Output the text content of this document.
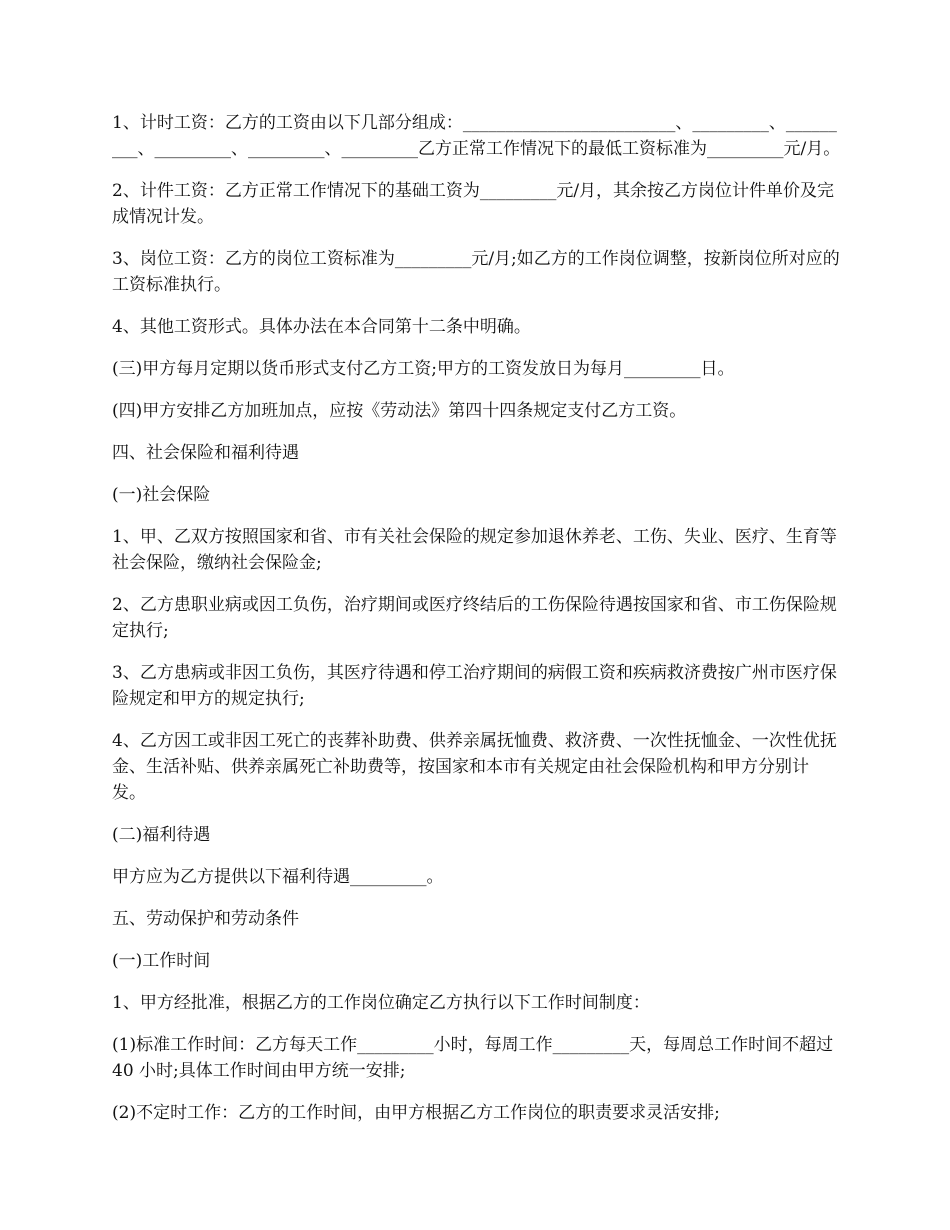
1、计时工资：乙方的工资由以下几部分组成：_________________________、_________、_________、_________、_________、_________乙方正常工作情况下的最低工资标准为_________元/月。

2、计件工资：乙方正常工作情况下的基础工资为_________元/月，其余按乙方岗位计件单价及完成情况计发。

3、岗位工资：乙方的岗位工资标准为_________元/月;如乙方的工作岗位调整，按新岗位所对应的工资标准执行。

4、其他工资形式。具体办法在本合同第十二条中明确。

(三)甲方每月定期以货币形式支付乙方工资;甲方的工资发放日为每月_________日。

(四)甲方安排乙方加班加点，应按《劳动法》第四十四条规定支付乙方工资。

四、社会保险和福利待遇

(一)社会保险

1、甲、乙双方按照国家和省、市有关社会保险的规定参加退休养老、工伤、失业、医疗、生育等社会保险，缴纳社会保险金;

2、乙方患职业病或因工负伤，治疗期间或医疗终结后的工伤保险待遇按国家和省、市工伤保险规定执行;

3、乙方患病或非因工负伤，其医疗待遇和停工治疗期间的病假工资和疾病救济费按广州市医疗保险规定和甲方的规定执行;

4、乙方因工或非因工死亡的丧葬补助费、供养亲属抚恤费、救济费、一次性抚恤金、一次性优抚金、生活补贴、供养亲属死亡补助费等，按国家和本市有关规定由社会保险机构和甲方分别计发。

(二)福利待遇

甲方应为乙方提供以下福利待遇_________。

五、劳动保护和劳动条件

(一)工作时间

1、甲方经批准，根据乙方的工作岗位确定乙方执行以下工作时间制度：

(1)标准工作时间：乙方每天工作_________小时，每周工作_________天，每周总工作时间不超过 40 小时;具体工作时间由甲方统一安排;

(2)不定时工作：乙方的工作时间，由甲方根据乙方工作岗位的职责要求灵活安排;
